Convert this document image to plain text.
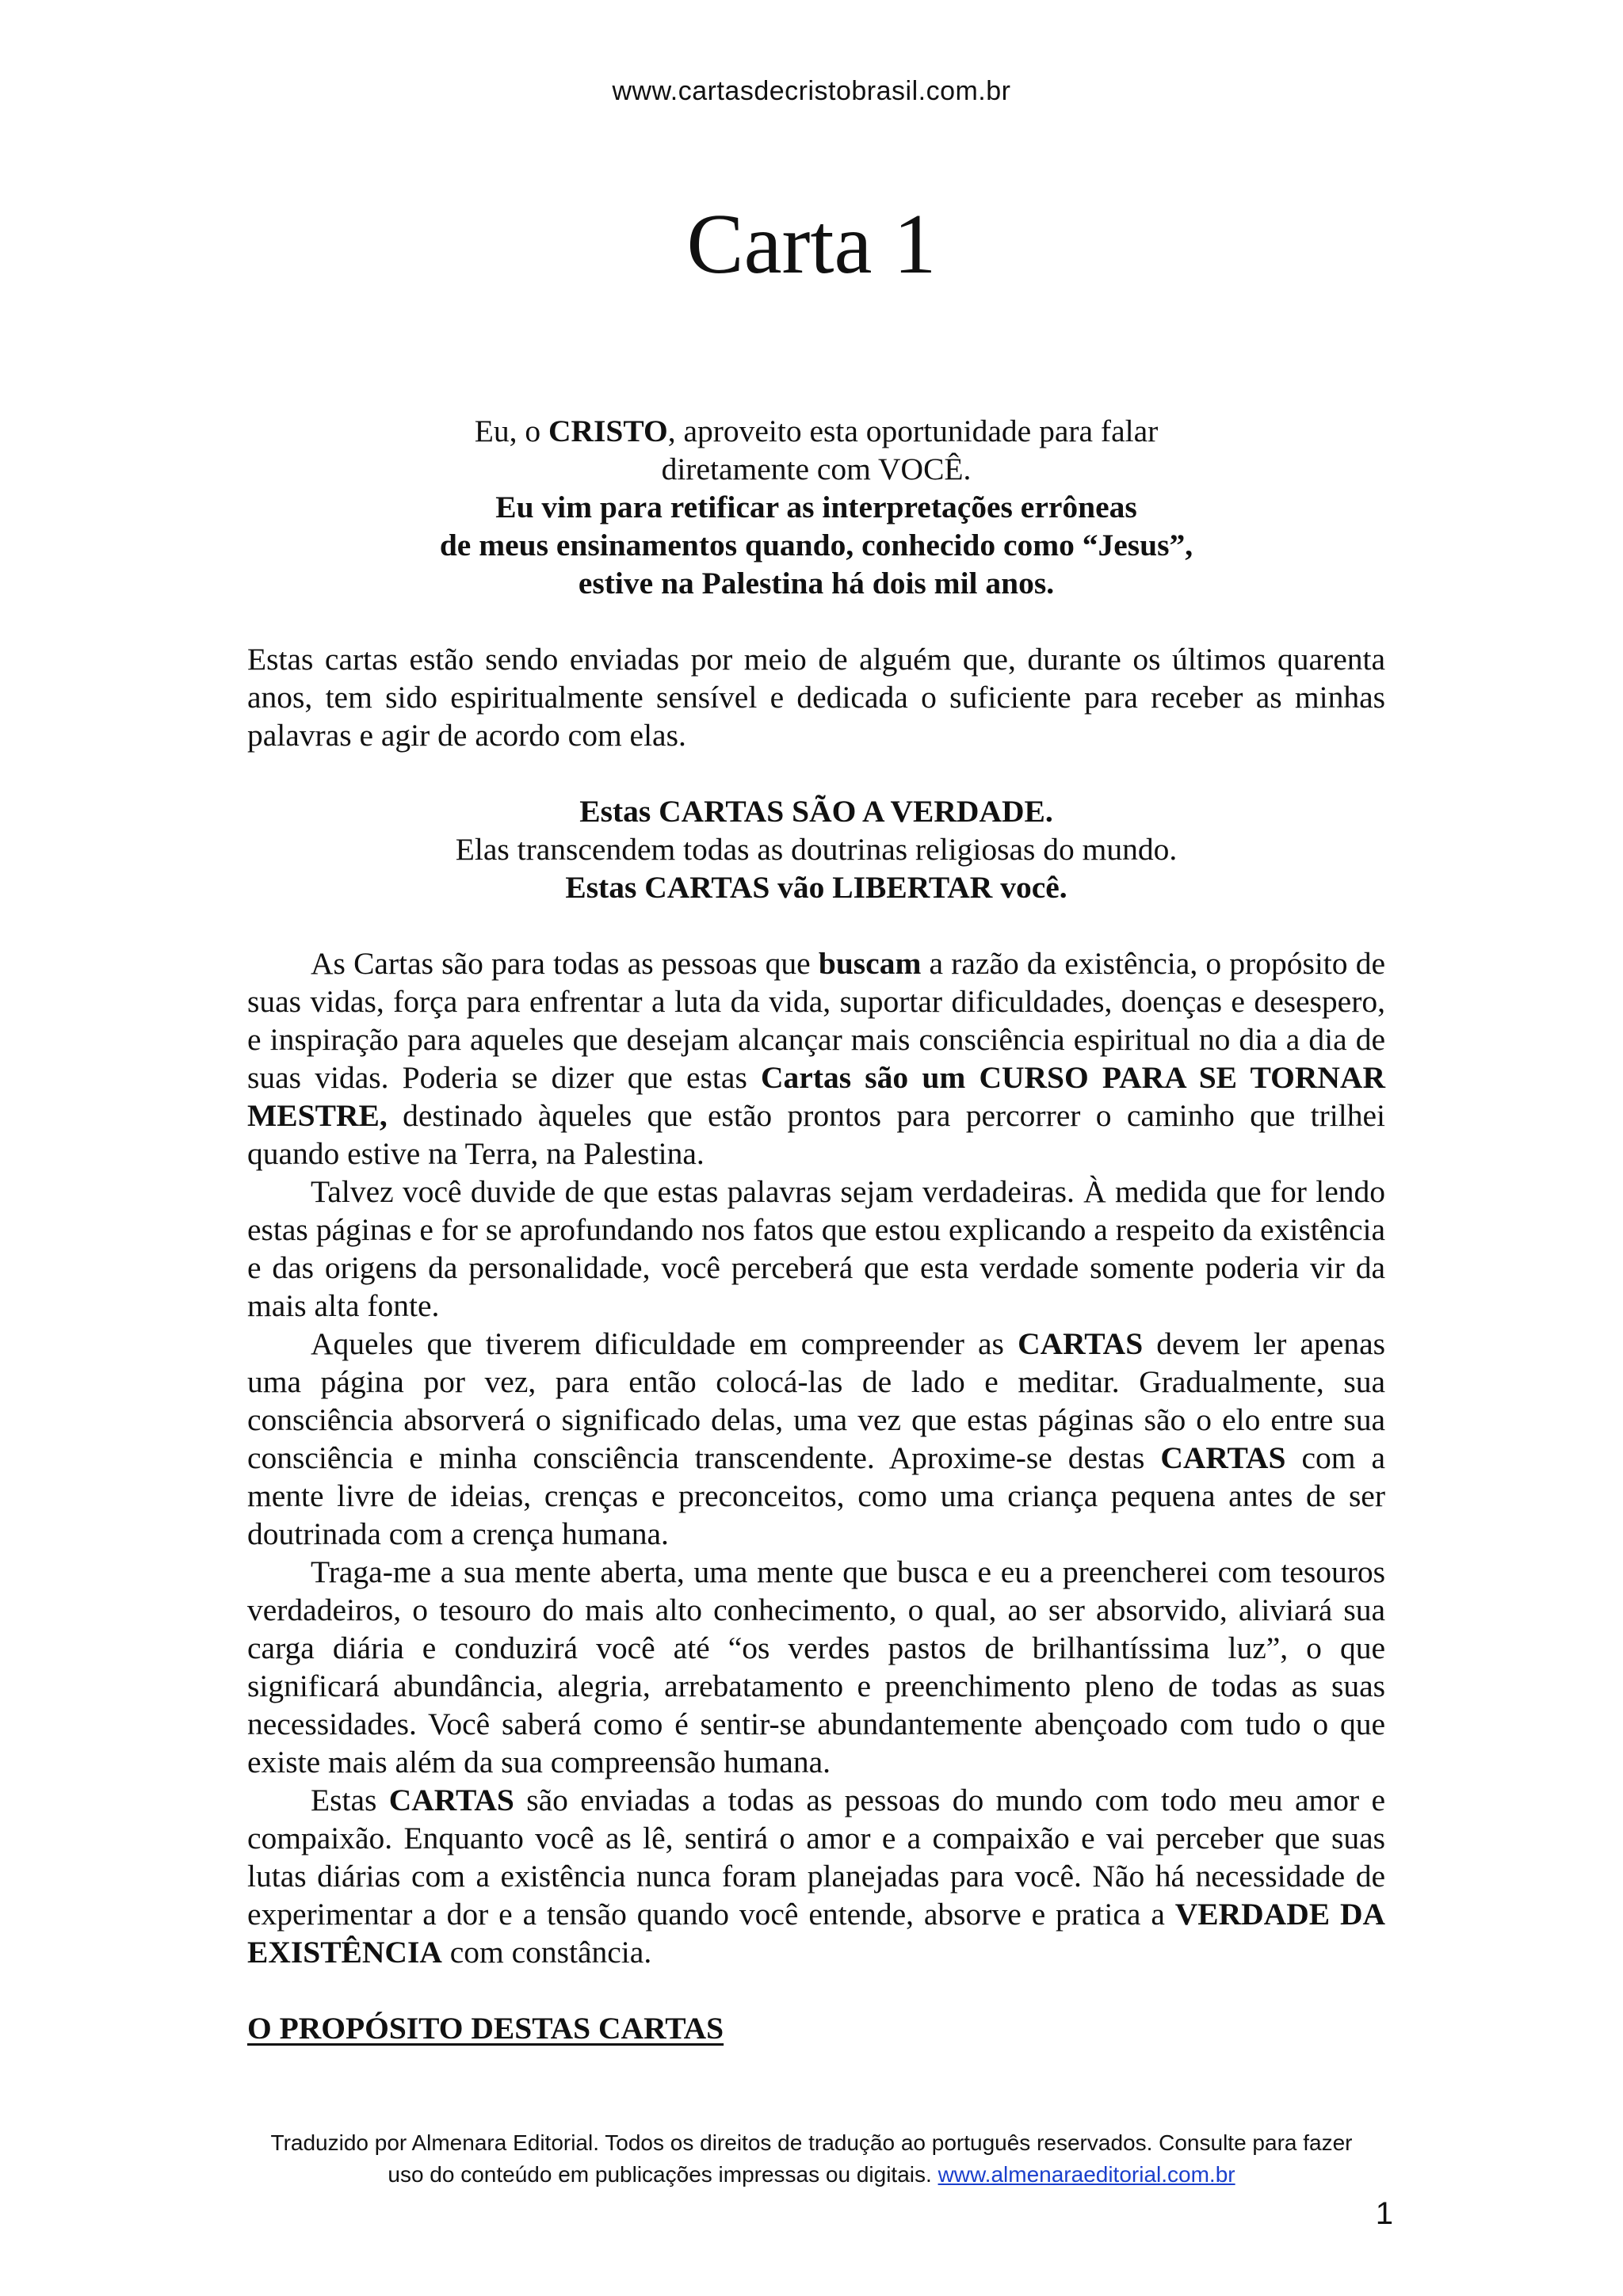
www.cartasdecristobrasil.com.br
Carta 1
Eu, o CRISTO, aproveito esta oportunidade para falar
diretamente com VOCÊ.
Eu vim para retificar as interpretações errôneas
de meus ensinamentos quando, conhecido como “Jesus”,
estive na Palestina há dois mil anos.

Estas cartas estão sendo enviadas por meio de alguém que, durante os últimos quarenta anos, tem sido espiritualmente sensível e dedicada o suficiente para receber as minhas palavras e agir de acordo com elas.

Estas CARTAS SÃO A VERDADE.
Elas transcendem todas as doutrinas religiosas do mundo.
Estas CARTAS vão LIBERTAR você.

As Cartas são para todas as pessoas que buscam a razão da existência, o propósito de suas vidas, força para enfrentar a luta da vida, suportar dificuldades, doenças e desespero, e inspiração para aqueles que desejam alcançar mais consciência espiritual no dia a dia de suas vidas. Poderia se dizer que estas Cartas são um CURSO PARA SE TORNAR MESTRE, destinado àqueles que estão prontos para percorrer o caminho que trilhei quando estive na Terra, na Palestina.

Talvez você duvide de que estas palavras sejam verdadeiras. À medida que for lendo estas páginas e for se aprofundando nos fatos que estou explicando a respeito da existência e das origens da personalidade, você perceberá que esta verdade somente poderia vir da mais alta fonte.

Aqueles que tiverem dificuldade em compreender as CARTAS devem ler apenas uma página por vez, para então colocá-las de lado e meditar. Gradualmente, sua consciência absorverá o significado delas, uma vez que estas páginas são o elo entre sua consciência e minha consciência transcendente. Aproxime-se destas CARTAS com a mente livre de ideias, crenças e preconceitos, como uma criança pequena antes de ser doutrinada com a crença humana.

Traga-me a sua mente aberta, uma mente que busca e eu a preencherei com tesouros verdadeiros, o tesouro do mais alto conhecimento, o qual, ao ser absorvido, aliviará sua carga diária e conduzirá você até “os verdes pastos de brilhantíssima luz”, o que significará abundância, alegria, arrebatamento e preenchimento pleno de todas as suas necessidades. Você saberá como é sentir-se abundantemente abençoado com tudo o que existe mais além da sua compreensão humana.

Estas CARTAS são enviadas a todas as pessoas do mundo com todo meu amor e compaixão. Enquanto você as lê, sentirá o amor e a compaixão e vai perceber que suas lutas diárias com a existência nunca foram planejadas para você. Não há necessidade de experimentar a dor e a tensão quando você entende, absorve e pratica a VERDADE DA EXISTÊNCIA com constância.

O PROPÓSITO DESTAS CARTAS
Traduzido por Almenara Editorial. Todos os direitos de tradução ao português reservados. Consulte para fazer
uso do conteúdo em publicações impressas ou digitais. www.almenaraeditorial.com.br
1
